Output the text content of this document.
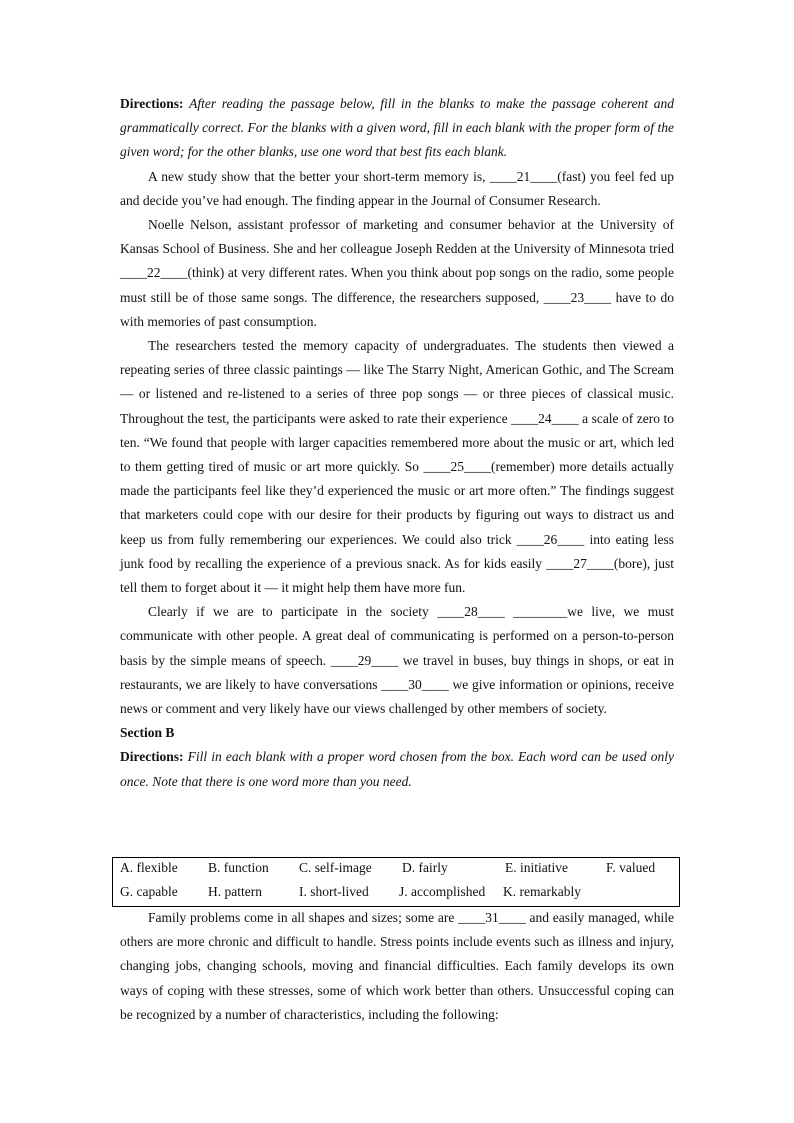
Directions: After reading the passage below, fill in the blanks to make the passage coherent and grammatically correct. For the blanks with a given word, fill in each blank with the proper form of the given word; for the other blanks, use one word that best fits each blank.

A new study show that the better your short-term memory is, ____21____(fast) you feel fed up and decide you’ve had enough. The finding appear in the Journal of Consumer Research.

Noelle Nelson, assistant professor of marketing and consumer behavior at the University of Kansas School of Business. She and her colleague Joseph Redden at the University of Minnesota tried ____22____(think) at very different rates. When you think about pop songs on the radio, some people must still be of those same songs. The difference, the researchers supposed, ____23____ have to do with memories of past consumption.

The researchers tested the memory capacity of undergraduates. The students then viewed a repeating series of three classic paintings — like The Starry Night, American Gothic, and The Scream — or listened and re-listened to a series of three pop songs — or three pieces of classical music. Throughout the test, the participants were asked to rate their experience ____24____ a scale of zero to ten. “We found that people with larger capacities remembered more about the music or art, which led to them getting tired of music or art more quickly. So ____25____(remember) more details actually made the participants feel like they’d experienced the music or art more often.” The findings suggest that marketers could cope with our desire for their products by figuring out ways to distract us and keep us from fully remembering our experiences. We could also trick ____26____ into eating less junk food by recalling the experience of a previous snack. As for kids easily ____27____(bore), just tell them to forget about it — it might help them have more fun.

Clearly if we are to participate in the society ____28____ ________we live, we must communicate with other people. A great deal of communicating is performed on a person-to-person basis by the simple means of speech. ____29____ we travel in buses, buy things in shops, or eat in restaurants, we are likely to have conversations ____30____ we give information or opinions, receive news or comment and very likely have our views challenged by other members of society.

Section B

Directions: Fill in each blank with a proper word chosen from the box. Each word can be used only once. Note that there is one word more than you need.

A. flexible B. function C. self-image D. fairly	E. initiative	F. valued
G. capable H. pattern	I. short-lived J. accomplished K. remarkably

Family problems come in all shapes and sizes; some are ____31____ and easily managed, while others are more chronic and difficult to handle. Stress points include events such as illness and injury, changing jobs, changing schools, moving and financial difficulties. Each family develops its own ways of coping with these stresses, some of which work better than others. Unsuccessful coping can be recognized by a number of characteristics, including the following:
